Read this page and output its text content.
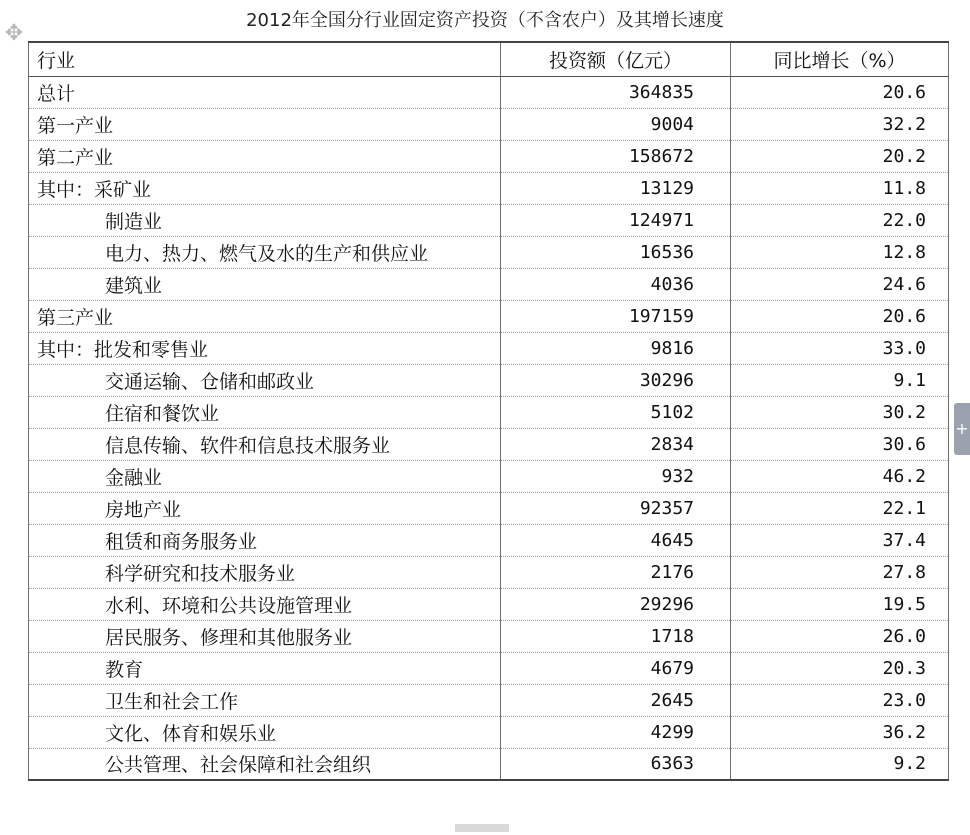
✥
2012年全国分行业固定资产投资（不含农户）及其增长速度
行业	投资额（亿元）	同比增长（%）
总计	364835	20.6
第一产业	9004	32.2
第二产业	158672	20.2
其中：采矿业	13129	11.8
制造业	124971	22.0
电力、热力、燃气及水的生产和供应业	16536	12.8
建筑业	4036	24.6
第三产业	197159	20.6
其中：批发和零售业	9816	33.0
交通运输、仓储和邮政业	30296	9.1
住宿和餐饮业	5102	30.2
信息传输、软件和信息技术服务业	2834	30.6
金融业	932	46.2
房地产业	92357	22.1
租赁和商务服务业	4645	37.4
科学研究和技术服务业	2176	27.8
水利、环境和公共设施管理业	29296	19.5
居民服务、修理和其他服务业	1718	26.0
教育	4679	20.3
卫生和社会工作	2645	23.0
文化、体育和娱乐业	4299	36.2
公共管理、社会保障和社会组织	6363	9.2
+
